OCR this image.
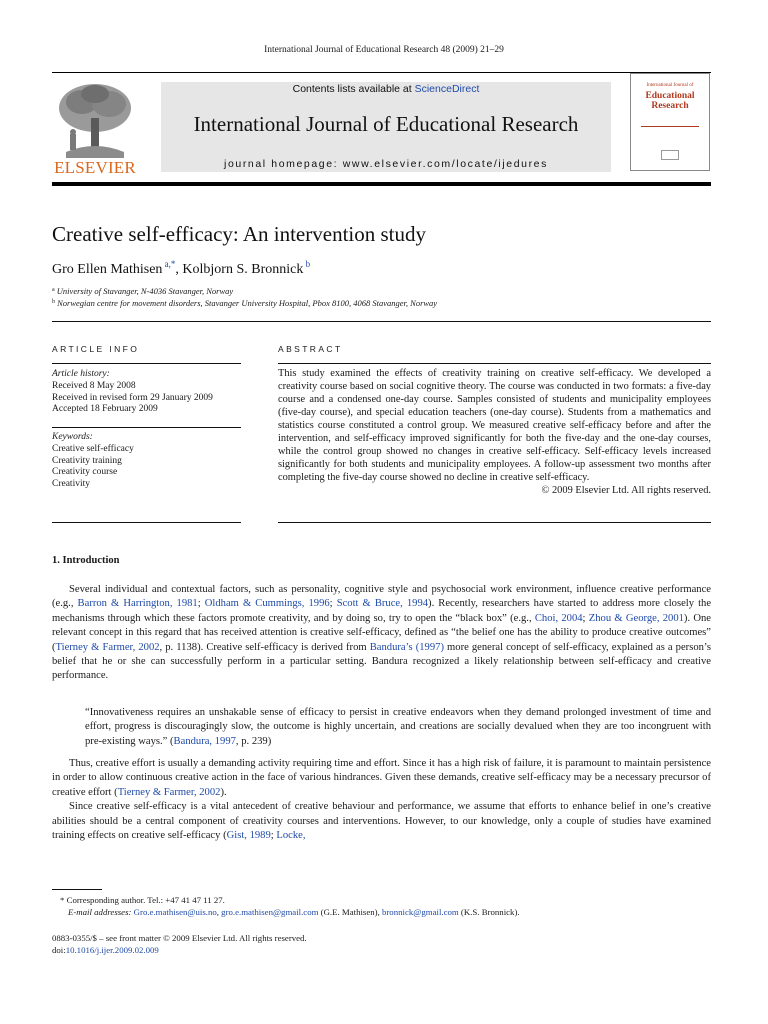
International Journal of Educational Research 48 (2009) 21–29
ELSEVIER
Contents lists available at ScienceDirect
International Journal of Educational Research
journal homepage: www.elsevier.com/locate/ijedures
International Journal of
Educational
Research
Creative self-efficacy: An intervention study
Gro Ellen Mathisen $^{a,*}$, Kolbjorn S. Bronnick $^b$
$^a$ University of Stavanger, N-4036 Stavanger, Norway
$^b$ Norwegian centre for movement disorders, Stavanger University Hospital, Pbox 8100, 4068 Stavanger, Norway
ARTICLE INFO
Article history:
Received 8 May 2008
Received in revised form 29 January 2009
Accepted 18 February 2009
Keywords:
Creative self-efficacy
Creativity training
Creativity course
Creativity
ABSTRACT
This study examined the effects of creativity training on creative self-efficacy. We developed a creativity course based on social cognitive theory. The course was conducted in two formats: a five-day course and a condensed one-day course. Samples consisted of students and municipality employees (five-day course), and special education teachers (one-day course). Students from a mathematics and statistics course constituted a control group. We measured creative self-efficacy before and after the intervention, and self-efficacy improved significantly for both the five-day and the one-day courses, while the control group showed no changes in creative self-efficacy. Self-efficacy levels increased significantly for both students and municipality employees. A follow-up assessment two months after completing the five-day course showed no decline in creative self-efficacy.
© 2009 Elsevier Ltd. All rights reserved.
1. Introduction

Several individual and contextual factors, such as personality, cognitive style and psychosocial work environment, influence creative performance (e.g., Barron & Harrington, 1981; Oldham & Cummings, 1996; Scott & Bruce, 1994). Recently, researchers have started to address more closely the mechanisms through which these factors promote creativity, and by doing so, try to open the “black box” (e.g., Choi, 2004; Zhou & George, 2001). One relevant concept in this regard that has received attention is creative self-efficacy, defined as “the belief one has the ability to produce creative outcomes” (Tierney & Farmer, 2002, p. 1138). Creative self-efficacy is derived from Bandura’s (1997) more general concept of self-efficacy, explained as a person’s belief that he or she can successfully perform in a particular setting. Bandura recognized a likely relationship between self-efficacy and creative performance.

“Innovativeness requires an unshakable sense of efficacy to persist in creative endeavors when they demand prolonged investment of time and effort, progress is discouragingly slow, the outcome is highly uncertain, and creations are socially devalued when they are too incongruent with pre-existing ways.” (Bandura, 1997, p. 239)

Thus, creative effort is usually a demanding activity requiring time and effort. Since it has a high risk of failure, it is paramount to maintain persistence in order to allow continuous creative action in the face of various hindrances. Given these demands, creative self-efficacy may be a necessary precursor of creative effort (Tierney & Farmer, 2002).

Since creative self-efficacy is a vital antecedent of creative behaviour and performance, we assume that efforts to enhance belief in one’s creative abilities should be a central component of creativity courses and interventions. However, to our knowledge, only a couple of studies have examined training effects on creative self-efficacy (Gist, 1989; Locke,

* Corresponding author. Tel.: +47 41 47 11 27.
E-mail addresses: Gro.e.mathisen@uis.no, gro.e.mathisen@gmail.com (G.E. Mathisen), bronnick@gmail.com (K.S. Bronnick).
0883-0355/$ – see front matter © 2009 Elsevier Ltd. All rights reserved.
doi:10.1016/j.ijer.2009.02.009
